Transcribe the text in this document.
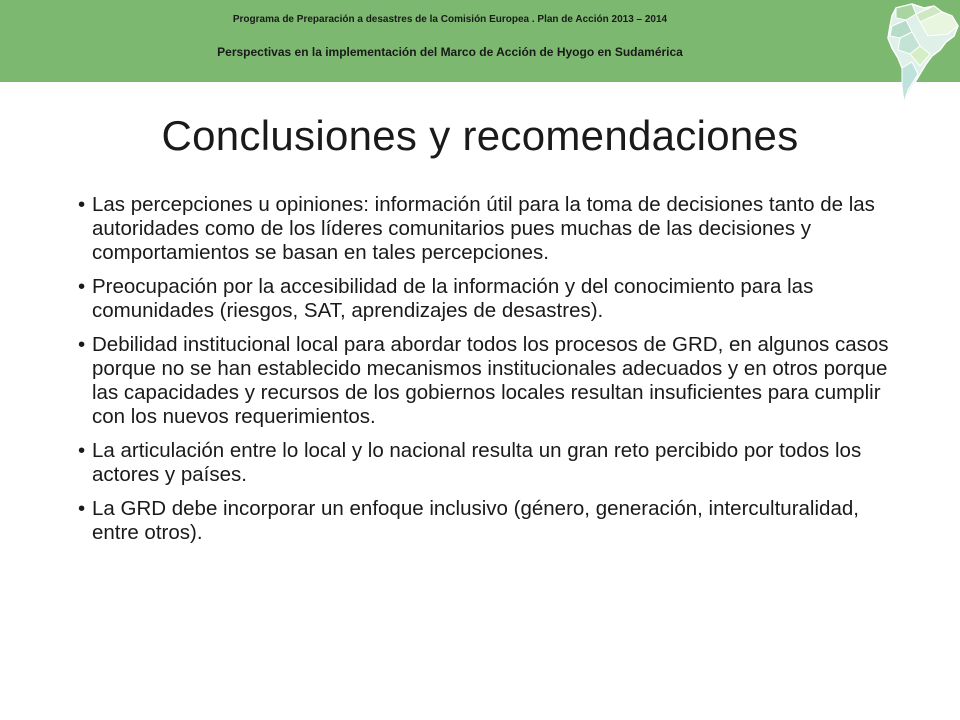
Programa de Preparación a desastres de la Comisión Europea . Plan de Acción 2013 – 2014
Perspectivas en la implementación del Marco de Acción de Hyogo en Sudamérica
Conclusiones y recomendaciones
• Las percepciones u opiniones: información útil para la toma de decisiones tanto de las autoridades como de los líderes comunitarios pues muchas de las decisiones y comportamientos se basan en tales percepciones.
• Preocupación por la accesibilidad de la información y del conocimiento para las comunidades (riesgos, SAT, aprendizajes de desastres).
• Debilidad institucional local para abordar todos los procesos de GRD, en algunos casos porque no se han establecido mecanismos institucionales adecuados y en otros porque las capacidades y recursos de los gobiernos locales resultan insuficientes para cumplir con los nuevos requerimientos.
• La articulación entre lo local y lo nacional resulta un gran reto percibido por todos los actores y países.
• La GRD debe incorporar un enfoque inclusivo (género, generación, interculturalidad, entre otros).
